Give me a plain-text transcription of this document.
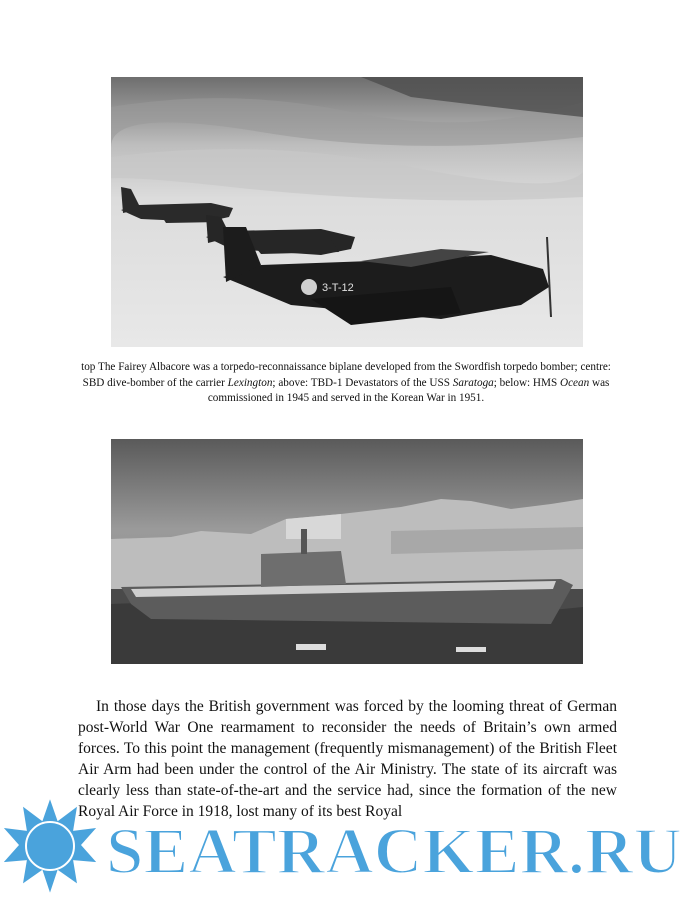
3-T-12
top The Fairey Albacore was a torpedo-reconnaissance biplane developed from the Swordfish torpedo bomber; centre: SBD dive-bomber of the carrier Lexington; above: TBD-1 Devastators of the USS Saratoga; below: HMS Ocean was commissioned in 1945 and served in the Korean War in 1951.

In those days the British government was forced by the looming threat of German post-World War One rearmament to reconsider the needs of Britain’s own armed forces. To this point the management (frequently mismanagement) of the British Fleet Air Arm had been under the control of the Air Ministry. The state of its aircraft was clearly less than state-of-the-art and the service had, since the formation of the new Royal Air Force in 1918, lost many of its best Royal

SEATRACKER.RU
